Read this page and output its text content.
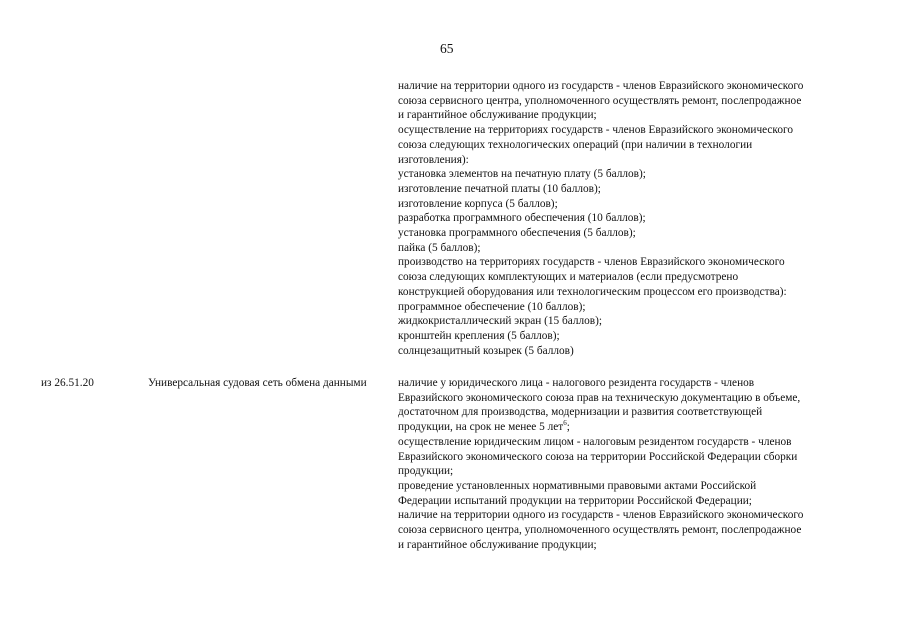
65
наличие на территории одного из государств - членов Евразийского экономического
союза сервисного центра, уполномоченного осуществлять ремонт, послепродажное
и гарантийное обслуживание продукции;
осуществление на территориях государств - членов Евразийского экономического
союза следующих технологических операций (при наличии в технологии
изготовления):
установка элементов на печатную плату (5 баллов);
изготовление печатной платы (10 баллов);
изготовление корпуса (5 баллов);
разработка программного обеспечения (10 баллов);
установка программного обеспечения (5 баллов);
пайка (5 баллов);
производство на территориях государств - членов Евразийского экономического
союза следующих комплектующих и материалов (если предусмотрено
конструкцией оборудования или технологическим процессом его производства):
программное обеспечение (10 баллов);
жидкокристаллический экран (15 баллов);
кронштейн крепления (5 баллов);
солнцезащитный козырек (5 баллов)
из 26.51.20	Универсальная судовая сеть обмена данными	наличие у юридического лица - налогового резидента государств - членов
Евразийского экономического союза прав на техническую документацию в объеме,
достаточном для производства, модернизации и развития соответствующей
продукции, на срок не менее 5 лет$^6$;
осуществление юридическим лицом - налоговым резидентом государств - членов
Евразийского экономического союза на территории Российской Федерации сборки
продукции;
проведение установленных нормативными правовыми актами Российской
Федерации испытаний продукции на территории Российской Федерации;
наличие на территории одного из государств - членов Евразийского экономического
союза сервисного центра, уполномоченного осуществлять ремонт, послепродажное
и гарантийное обслуживание продукции;
